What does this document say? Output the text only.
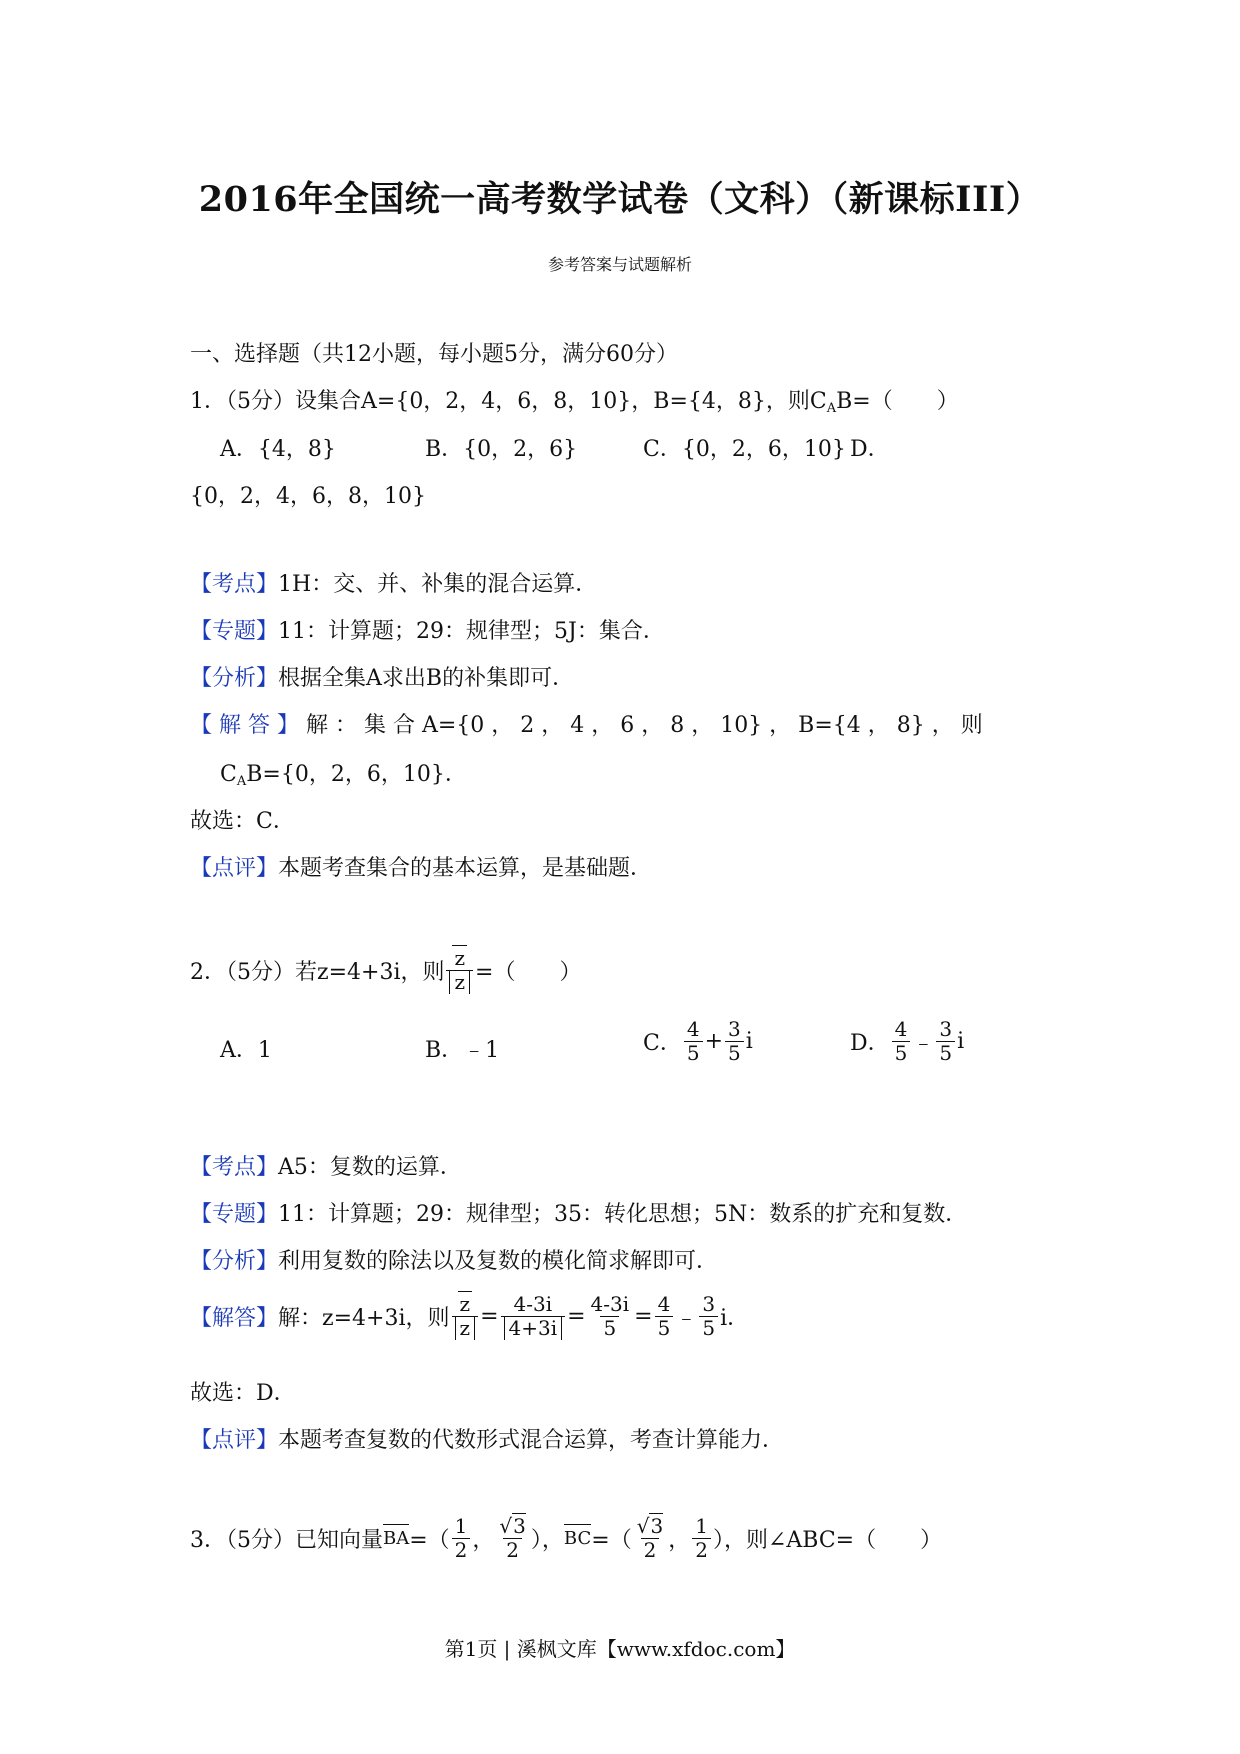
2016年全国统一高考数学试卷（文科）（新课标III）
参考答案与试题解析
一、选择题（共12小题，每小题5分，满分60分）
1．（5分）设集合A={0，2，4，6，8，10}，B={4，8}，则$C_AB=$（　　）
A．{4，8}	B．{0，2，6}	C．{0，2，6，10} D．
{0，2，4，6，8，10}
【考点】1H：交、并、补集的混合运算．
【专题】11：计算题；29：规律型；5J：集合．
【分析】根据全集A求出B的补集即可．
【 解 答 】 解 ： 集 合 A={0 ， 2 ， 4 ， 6 ， 8 ， 10} ， B={4 ， 8} ， 则
$C_AB=\{0$，2，6，10}．
故选：C．
【点评】本题考查集合的基本运算，是基础题．
2．（5分）若z=4+3i，则 $\frac{z}{z}$ =（　　）
A．1	B．﹣1	C． $\frac{4}{5} + \frac{3}{5}$ i	D． $\frac{4}{5}$ ﹣ $\frac{3}{5}$ i
【考点】A5：复数的运算．
【专题】11：计算题；29：规律型；35：转化思想；5N：数系的扩充和复数．
【分析】利用复数的除法以及复数的模化简求解即可．
【解答】解：z=4+3i，则 $\frac{z}{z} = \frac{4-3i}{4+3i} = \frac{4-3i}{5} = \frac{4}{5}$ ﹣ $\frac{3}{5}$ i．
故选：D．
【点评】本题考查复数的代数形式混合运算，考查计算能力．
3．（5分）已知向量$BA=( \frac{1}{2}$ ， $\frac{√3}{2}$ ），$BC=( \frac{√3}{2}$ ， $\frac{1}{2}$ ），则∠ABC=（　　）
第1页 | 溪枫文库【www.xfdoc.com】
